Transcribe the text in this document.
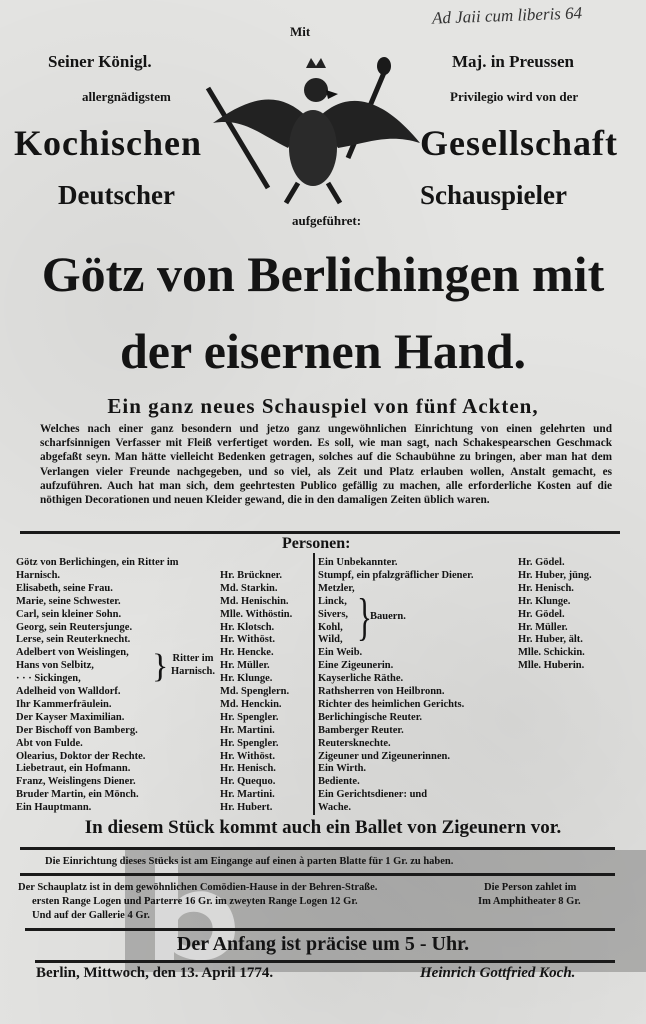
Ad Jaii cum liberis 64
Mit
Seiner Königl.	Maj. in Preussen
allergnädigstem	Privilegio wird von der
Kochischen	Gesellschaft
Deutscher	Schauspieler
aufgeführet:
Götz von Berlichingen mit
der eisernen Hand.
Ein ganz neues Schauspiel von fünf Ackten,
Welches nach einer ganz besondern und jetzo ganz ungewöhnlichen Einrichtung von einen gelehrten und scharfsinnigen Verfasser mit Fleiß verfertiget worden. Es soll, wie man sagt, nach Schakespearschen Geschmack abgefaßt seyn. Man hätte vielleicht Bedenken getragen, solches auf die Schaubühne zu bringen, aber man hat dem Verlangen vieler Freunde nachgegeben, und so viel, als Zeit und Platz erlauben wollen, Anstalt gemacht, es aufzuführen. Auch hat man sich, dem geehrtesten Publico gefällig zu machen, alle erforderliche Kosten auf die nöthigen Decorationen und neuen Kleider gewand, die in den damaligen Zeiten üblich waren.
Personen:
Götz von Berlichingen, ein Ritter im
Harnisch.	Hr. Brückner.
Elisabeth, seine Frau.	Md. Starkin.
Marie, seine Schwester.	Md. Henischin.
Carl, sein kleiner Sohn.	Mlle. Withöstin.
Georg, sein Reutersjunge.	Hr. Klotsch.
Lerse, sein Reuterknecht.	Hr. Withöst.
Adelbert von Weislingen,	Hr. Hencke.
Hans von Selbitz,	Hr. Müller.
· · · Sickingen,	Hr. Klunge.
Adelheid von Walldorf.	Md. Spenglern.
Ihr Kammerfräulein.	Md. Henckin.
Der Kayser Maximilian.	Hr. Spengler.
Der Bischoff von Bamberg.	Hr. Martini.
Abt von Fulde.	Hr. Spengler.
Olearius, Doktor der Rechte.	Hr. Withöst.
Liebetraut, ein Hofmann.	Hr. Henisch.
Franz, Weislingens Diener.	Hr. Quequo.
Bruder Martin, ein Mönch.	Hr. Martini.
Ein Hauptmann.	Hr. Hubert.
Ein Unbekannter.	Hr. Gödel.
Stumpf, ein pfalzgräflicher Diener.	Hr. Huber, jüng.
Metzler,	Hr. Henisch.
Linck,	Hr. Klunge.
Sivers,	Hr. Gödel.
Kohl,	Hr. Müller.
Wild,	Hr. Huber, ält.
Ein Weib.	Mlle. Schickin.
Eine Zigeunerin.	Mlle. Huberin.
Kayserliche Räthe.
Rathsherren von Heilbronn.
Richter des heimlichen Gerichts.
Berlichingische Reuter.
Bamberger Reuter.
Reutersknechte.
Zigeuner und Zigeunerinnen.
Ein Wirth.
Bediente.
Ein Gerichtsdiener: und
Wache.
} Ritter im Harnisch.
}
Bauern.
In diesem Stück kommt auch ein Ballet von Zigeunern vor.
Die Einrichtung dieses Stücks ist am Eingange auf einen à parten Blatte für 1 Gr. zu haben.
Der Schauplatz ist in dem gewöhnlichen Comödien-Hause in der Behren-Straße.	Die Person zahlet im
ersten Range Logen und Parterre 16 Gr. im zweyten Range Logen 12 Gr.	Im Amphitheater 8 Gr.
Und auf der Gallerie 4 Gr.
Der Anfang ist präcise um 5 - Uhr.
Berlin, Mittwoch, den 13. April 1774.	Heinrich Gottfried Koch.
